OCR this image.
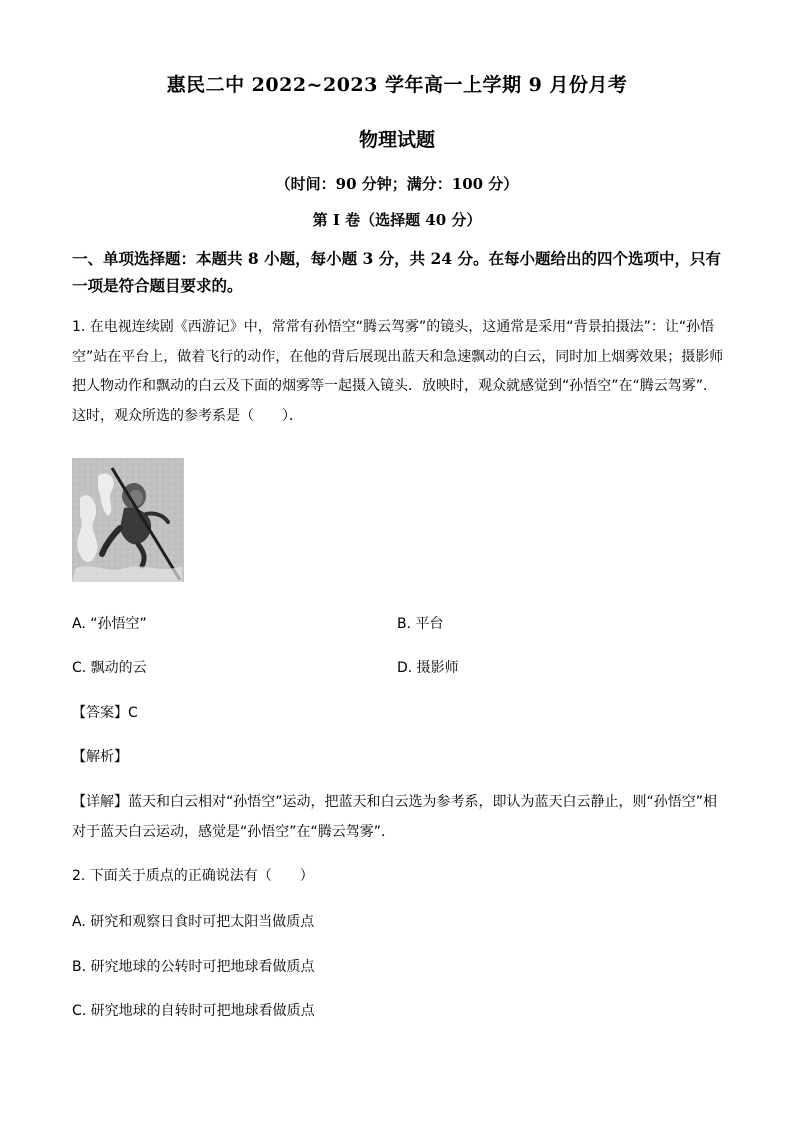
惠民二中 2022~2023 学年高一上学期 9 月份月考
物理试题
（时间：90 分钟；满分：100 分）
第 I 卷（选择题 40 分）
一、单项选择题：本题共 8 小题，每小题 3 分，共 24 分。在每小题给出的四个选项中，只有一项是符合题目要求的。
1. 在电视连续剧《西游记》中，常常有孙悟空“腾云驾雾”的镜头，这通常是采用“背景拍摄法”：让“孙悟空”站在平台上，做着飞行的动作，在他的背后展现出蓝天和急速飘动的白云，同时加上烟雾效果；摄影师把人物动作和飘动的白云及下面的烟雾等一起摄入镜头．放映时，观众就感觉到“孙悟空”在“腾云驾雾”．这时，观众所选的参考系是（　　）．
A. “孙悟空”	B. 平台
C. 飘动的云	D. 摄影师
【答案】C
【解析】
【详解】蓝天和白云相对“孙悟空”运动，把蓝天和白云选为参考系，即认为蓝天白云静止，则“孙悟空”相对于蓝天白云运动，感觉是“孙悟空”在“腾云驾雾”．
2. 下面关于质点的正确说法有（　　）
A. 研究和观察日食时可把太阳当做质点
B. 研究地球的公转时可把地球看做质点
C. 研究地球的自转时可把地球看做质点
